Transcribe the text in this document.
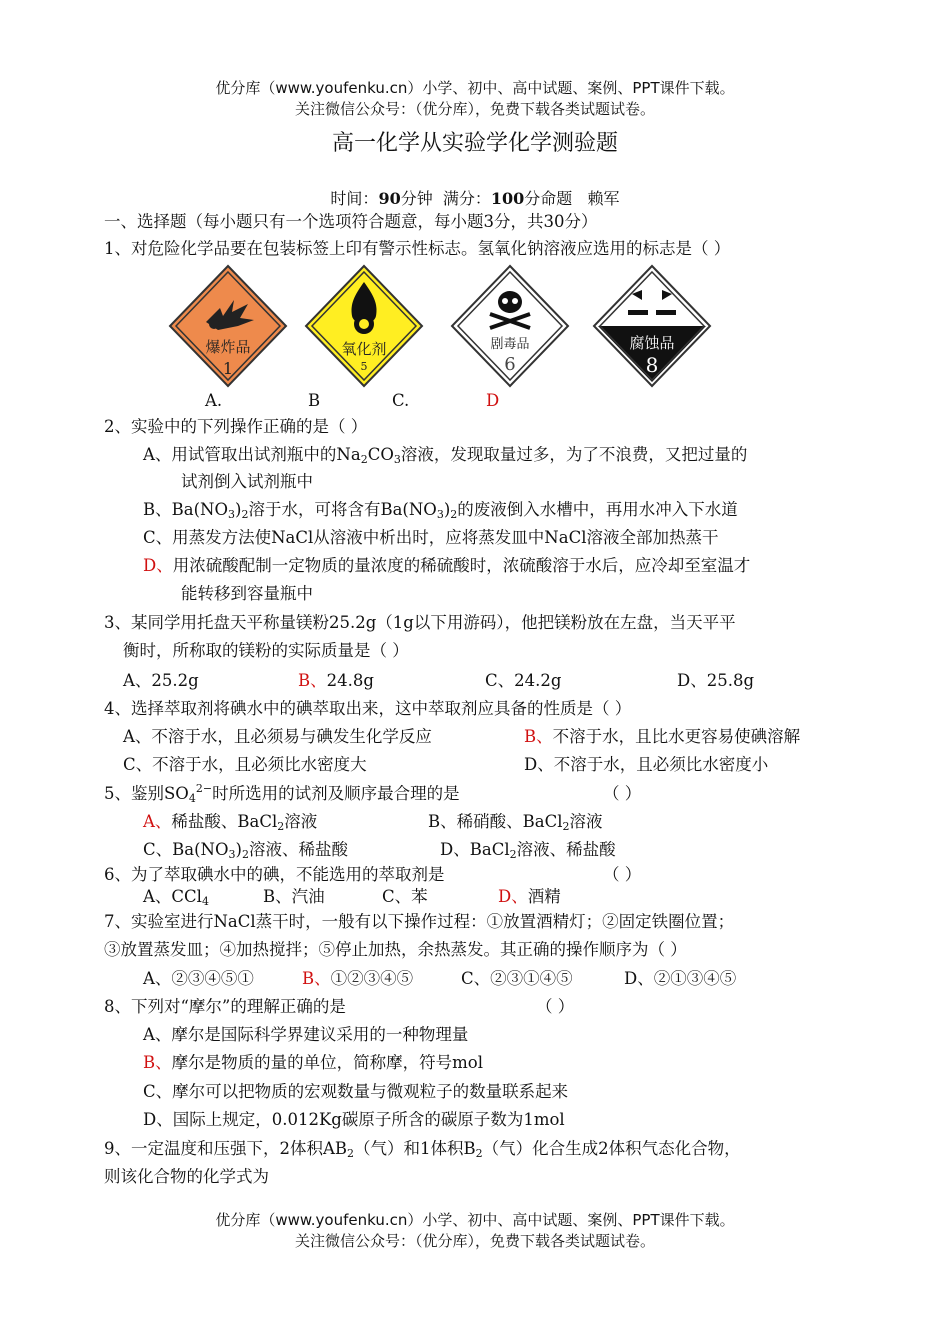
优分库（www.youfenku.cn）小学、初中、高中试题、案例、PPT课件下载。
关注微信公众号：（优分库），免费下载各类试题试卷。
高一化学从实验学化学测验题
时间：90分钟  满分：100分命题   赖军
一、选择题（每小题只有一个选项符合题意，每小题3分，共30分）
1、对危险化学品要在包装标签上印有警示性标志。氢氧化钠溶液应选用的标志是（ ）
爆炸品
1
氧化剂
5
剧毒品
6
腐蚀品
8
A.	B	C.	D
2、实验中的下列操作正确的是（ ）
A、用试管取出试剂瓶中的$Na_2CO_3$溶液，发现取量过多，为了不浪费，又把过量的
试剂倒入试剂瓶中
B、$Ba(NO_3)_2$溶于水，可将含有$Ba(NO_3)_2$的废液倒入水槽中，再用水冲入下水道
C、用蒸发方法使NaCl从溶液中析出时，应将蒸发皿中NaCl溶液全部加热蒸干
D、用浓硫酸配制一定物质的量浓度的稀硫酸时，浓硫酸溶于水后，应冷却至室温才
能转移到容量瓶中
3、某同学用托盘天平称量镁粉25.2g（1g以下用游码），他把镁粉放在左盘，当天平平
衡时，所称取的镁粉的实际质量是（ ）
A、25.2g	B、24.8g	C、24.2g	D、25.8g
4、选择萃取剂将碘水中的碘萃取出来，这中萃取剂应具备的性质是（ ）
A、不溶于水，且必须易与碘发生化学反应	B、不溶于水，且比水更容易使碘溶解
C、不溶于水，且必须比水密度大	D、不溶于水，且必须比水密度小
5、鉴别$SO_4^{2-}$时所选用的试剂及顺序最合理的是	（ ）
A、稀盐酸、BaCl$_2$溶液	B、稀硝酸、BaCl$_2$溶液
C、$Ba(NO_3)_2$溶液、稀盐酸	D、BaCl$_2$溶液、稀盐酸
6、为了萃取碘水中的碘，不能选用的萃取剂是	（ ）
A、CCl$_4$	B、汽油	C、苯	D、酒精
7、实验室进行NaCl蒸干时，一般有以下操作过程：①放置酒精灯；②固定铁圈位置；
③放置蒸发皿；④加热搅拌；⑤停止加热，余热蒸发。其正确的操作顺序为（ ）
A、②③④⑤①	B、①②③④⑤	C、②③①④⑤	D、②①③④⑤
8、下列对“摩尔”的理解正确的是	（ ）
A、摩尔是国际科学界建议采用的一种物理量
B、摩尔是物质的量的单位，简称摩，符号mol
C、摩尔可以把物质的宏观数量与微观粒子的数量联系起来
D、国际上规定，0.012Kg碳原子所含的碳原子数为1mol
9、一定温度和压强下，2体积$AB_2$（气）和1体积$B_2$（气）化合生成2体积气态化合物，
则该化合物的化学式为
优分库（www.youfenku.cn）小学、初中、高中试题、案例、PPT课件下载。
关注微信公众号：（优分库），免费下载各类试题试卷。
